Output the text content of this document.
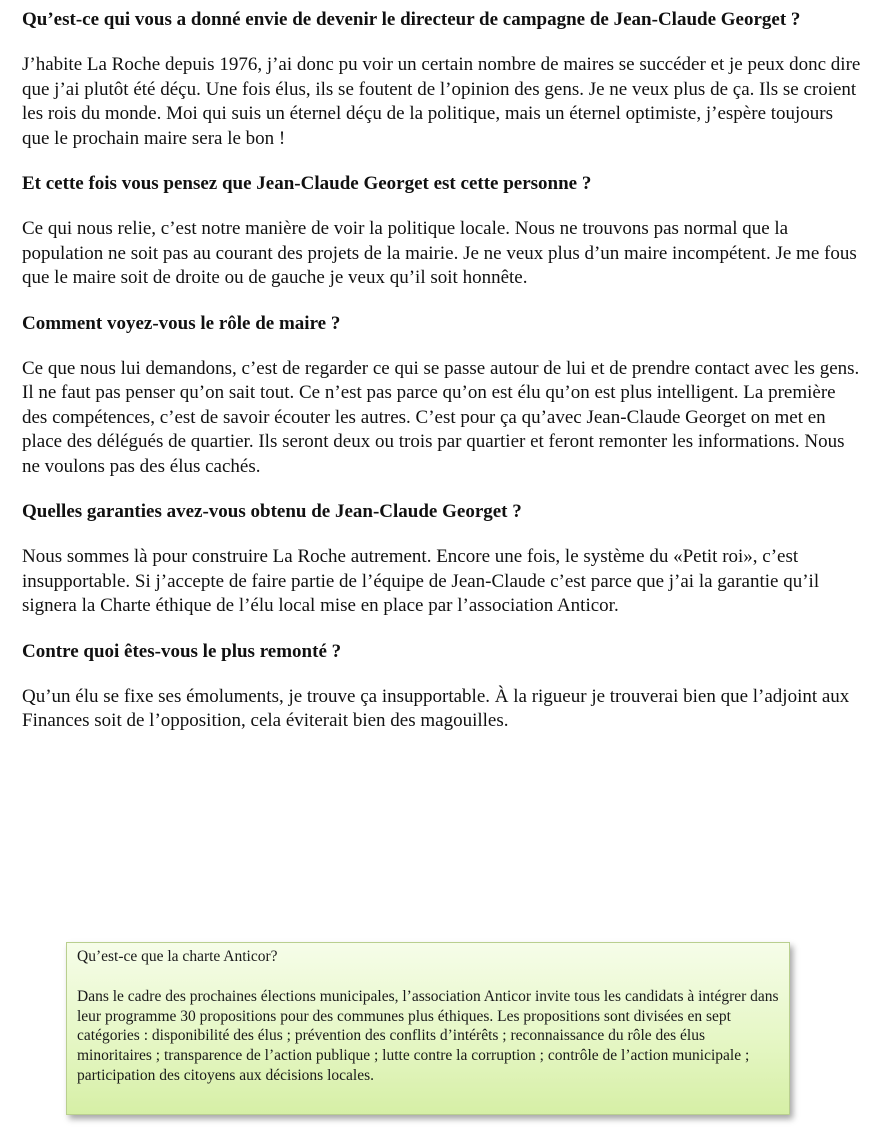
Qu’est-ce qui vous a donné envie de devenir le directeur de campagne de Jean-Claude Georget ?

J’habite La Roche depuis 1976, j’ai donc pu voir un certain nombre de maires se succéder et je peux donc dire que j’ai plutôt été déçu. Une fois élus, ils se foutent de l’opinion des gens. Je ne veux plus de ça. Ils se croient les rois du monde. Moi qui suis un éternel déçu de la politique, mais un éternel optimiste, j’espère toujours que le prochain maire sera le bon !

Et cette fois vous pensez que Jean-Claude Georget est cette personne ?

Ce qui nous relie, c’est notre manière de voir la politique locale. Nous ne trouvons pas normal que la population ne soit pas au courant des projets de la mairie. Je ne veux plus d’un maire incompétent. Je me fous que le maire soit de droite ou de gauche je veux qu’il soit honnête.

Comment voyez-vous le rôle de maire ?

Ce que nous lui demandons, c’est de regarder ce qui se passe autour de lui et de prendre contact avec les gens. Il ne faut pas penser qu’on sait tout. Ce n’est pas parce qu’on est élu qu’on est plus intelligent. La première des compétences, c’est de savoir écouter les autres. C’est pour ça qu’avec Jean-Claude Georget on met en place des délégués de quartier. Ils seront deux ou trois par quartier et feront remonter les informations. Nous ne voulons pas des élus cachés.

Quelles garanties avez-vous obtenu de Jean-Claude Georget ?

Nous sommes là pour construire La Roche autrement. Encore une fois, le système du «Petit roi», c’est insupportable. Si j’accepte de faire partie de l’équipe de Jean-Claude c’est parce que j’ai la garantie qu’il signera la Charte éthique de l’élu local mise en place par l’association Anticor.

Contre quoi êtes-vous le plus remonté ?

Qu’un élu se fixe ses émoluments, je trouve ça insupportable. À la rigueur je trouverai bien que l’adjoint aux Finances soit de l’opposition, cela éviterait bien des magouilles.

Qu’est-ce que la charte Anticor?

Dans le cadre des prochaines élections municipales, l’association Anticor invite tous les candidats à intégrer dans leur programme 30 propositions pour des communes plus éthiques. Les propositions sont divisées en sept catégories : disponibilité des élus ; prévention des conflits d’intérêts ; reconnaissance du rôle des élus minoritaires ; transparence de l’action publique ; lutte contre la corruption ; contrôle de l’action municipale ; participation des citoyens aux décisions locales.
